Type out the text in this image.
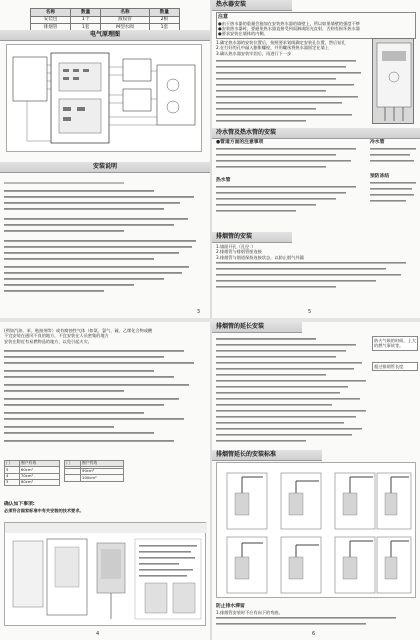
名称	数量	名称	数量
安装包	1个	波纹管	2根
排烟管	1套	M型水阀	1套
电气原理图
安装说明
3
(例如汽油、苯、粘接剂等）或有腐蚀性气体（如氨、氯气、硫、乙烯化合物或酸
不宜安装在通风不良的地方，不宜安装在人员密集的地方
安装在附近有易燃物品的地方，以免引起火灾。
门	窗户有效
5	60cm²
4	70cm²
3	80cm²
门	窗户有效

	90cm²
	100cm²
确认如下事项:
必须符合国家标准中有关安装的技术要求。
4
热水器安装
注意
●由于热水器的重量会施加在安装热水器的墙壁上，所以如果墙壁的强度不够
●安装热水器时，要避免热水器直接受到雨淋或阳光直射，否则有损坏热水器
●要求安装在墙体的内侧。
1.确定热水器的安装位置后，按照要求划线确定安装孔位置，然后钻孔
2.在打好的孔中敲入膨胀螺栓，并用螺丝将热水器固定在墙上
3.确认热水器安装牢固后，再进行下一步
冷水管及热水管的安装
●管道方面的注意事项
热水管
冷水管
预防冻结
排烟管的安装
1.墙面开孔（孔径：）
2.排烟管与排烟管座连接
3.排烟管与烟道保持连接状态，以防止烟气外漏
5
排烟管的延长安装
防火气候的时候，上大的燃气事故等。
超过排烟管长度
排烟管延长的安装标准
防止排水滞留
1.排烟管安装时不应有向下的弯曲。
6
